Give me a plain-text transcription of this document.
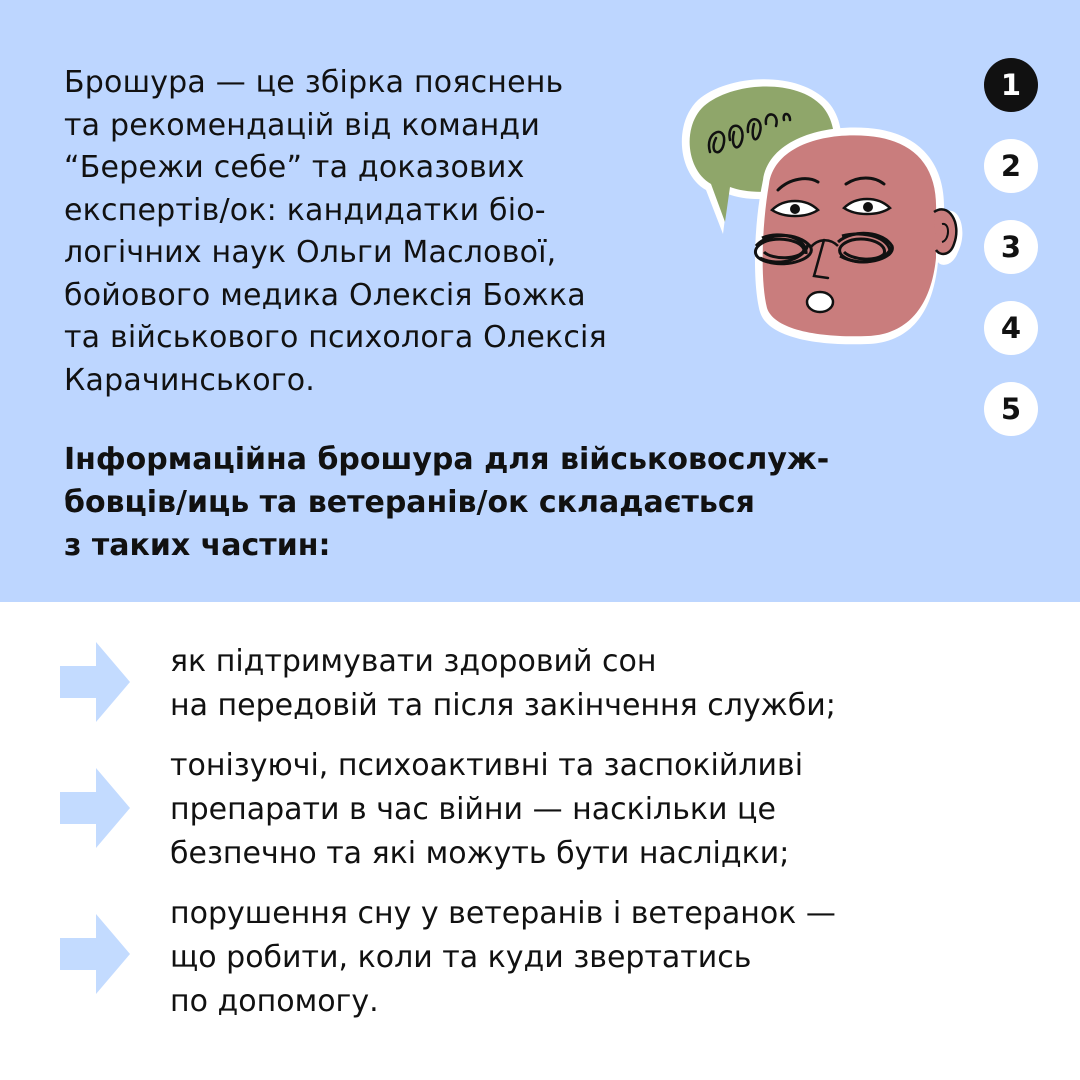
Брошура — це збірка пояснень
та рекомендацій від команди
“Бережи себе” та доказових
експертів/ок: кандидатки біо-
логічних наук Ольги Маслової,
бойового медика Олексія Божка
та військового психолога Олексія
Карачинського.
1
2
3
4
5
Інформаційна брошура для військовослуж-
бовців/иць та ветеранів/ок складається
з таких частин:
як підтримувати здоровий сон
на передовій та після закінчення служби;
тонізуючі, психоактивні та заспокійливі
препарати в час війни — наскільки це
безпечно та які можуть бути наслідки;
порушення сну у ветеранів і ветеранок —
що робити, коли та куди звертатись
по допомогу.
